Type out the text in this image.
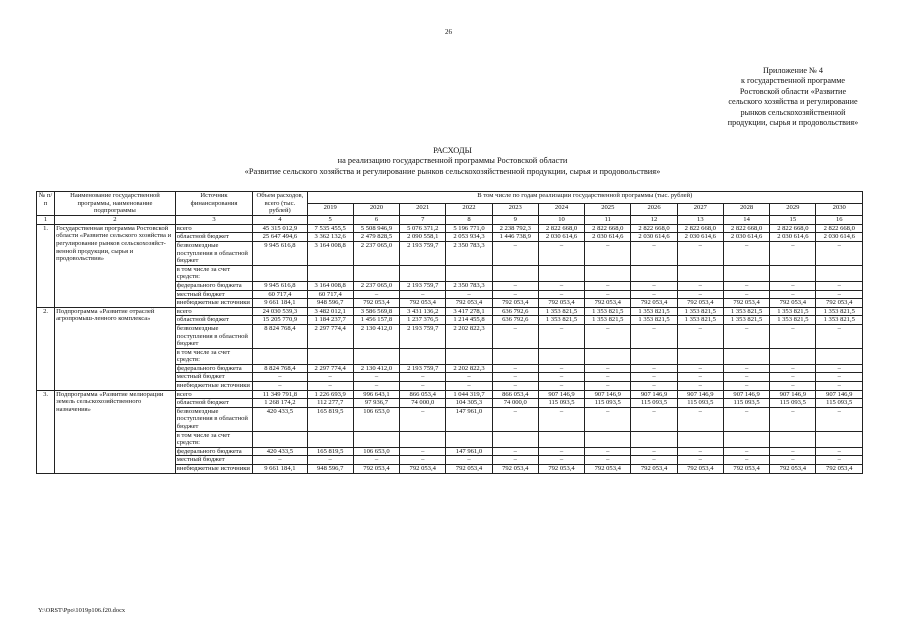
26
Приложение № 4
к государственной программе
Ростовской области «Развитие
сельского хозяйства и регулирование
рынков сельскохозяйственной
продукции, сырья и продовольствия»
РАСХОДЫ
на реализацию государственной программы Ростовской области
«Развитие сельского хозяйства и регулирование рынков сельскохозяйственной продукции, сырья и продовольствия»
№ п/п	Наименование государственной программы, наименование подпрограммы	Источник финансирования	Объем расходов, всего (тыс. рублей)	В том числе по годам реализации государственной программы (тыс. рублей)											
				2019	2020	2021	2022	2023	2024	2025	2026	2027	2028	2029	2030
1	2	3	4	5	6	7	8	9	10	11	12	13	14	15	16
1.	Государственная программа Ростовской области «Развитие сельского хозяйства и регулирование рынков сельскохозяйст-венной продукции, сырья и продовольствия»	всего	45 315 012,9	7 535 455,5	5 508 946,9	5 076 371,2	5 196 771,0	2 238 792,3	2 822 668,0	2 822 668,0	2 822 668,0	2 822 668,0	2 822 668,0	2 822 668,0	2 822 668,0
		областной бюджет	25 647 494,6	3 362 132,6	2 479 828,5	2 090 558,1	2 053 934,3	1 446 738,9	2 030 614,6	2 030 614,6	2 030 614,6	2 030 614,6	2 030 614,6	2 030 614,6	2 030 614,6
		безвозмездные поступления в областной бюджет	9 945 616,8	3 164 008,8	2 237 065,0	2 193 759,7	2 350 783,3	–	–	–	–	–	–	–	–
		в том числе за счет средств:													
		федерального бюджета	9 945 616,8	3 164 008,8	2 237 065,0	2 193 759,7	2 350 783,3	–	–	–	–	–	–	–	–
		местный бюджет	60 717,4	60 717,4	–	–	–	–	–	–	–	–	–	–	–
		внебюджетные источники	9 661 184,1	948 596,7	792 053,4	792 053,4	792 053,4	792 053,4	792 053,4	792 053,4	792 053,4	792 053,4	792 053,4	792 053,4	792 053,4
2.	Подпрограмма «Развитие отраслей агропромыш-ленного комплекса»	всего	24 030 539,3	3 482 012,1	3 586 569,8	3 431 136,2	3 417 278,1	636 792,6	1 353 821,5	1 353 821,5	1 353 821,5	1 353 821,5	1 353 821,5	1 353 821,5	1 353 821,5
		областной бюджет	15 205 770,9	1 184 237,7	1 456 157,8	1 237 376,5	1 214 455,8	636 792,6	1 353 821,5	1 353 821,5	1 353 821,5	1 353 821,5	1 353 821,5	1 353 821,5	1 353 821,5
		безвозмездные поступления в областной бюджет	8 824 768,4	2 297 774,4	2 130 412,0	2 193 759,7	2 202 822,3	–	–	–	–	–	–	–	–
		в том числе за счет средств:													
		федерального бюджета	8 824 768,4	2 297 774,4	2 130 412,0	2 193 759,7	2 202 822,3	–	–	–	–	–	–	–	–
		местный бюджет	–	–	–	–	–	–	–	–	–	–	–	–	–
		внебюджетные источники	–	–	–	–	–	–	–	–	–	–	–	–	–
3.	Подпрограмма «Развитие мелиорации земель сельскохозяйственного назначения»	всего	11 349 791,8	1 226 693,9	996 643,1	866 053,4	1 044 319,7	866 053,4	907 146,9	907 146,9	907 146,9	907 146,9	907 146,9	907 146,9	907 146,9
		областной бюджет	1 268 174,2	112 277,7	97 936,7	74 000,0	104 305,3	74 000,0	115 093,5	115 093,5	115 093,5	115 093,5	115 093,5	115 093,5	115 093,5
		безвозмездные поступления в областной бюджет	420 433,5	165 819,5	106 653,0	–	147 961,0	–	–	–	–	–	–	–	–
		в том числе за счет средств:													
		федерального бюджета	420 433,5	165 819,5	106 653,0	–	147 961,0	–	–	–	–	–	–	–	–
		местный бюджет	–	–	–	–	–	–	–	–	–	–	–	–	–
		внебюджетные источники	9 661 184,1	948 596,7	792 053,4	792 053,4	792 053,4	792 053,4	792 053,4	792 053,4	792 053,4	792 053,4	792 053,4	792 053,4	792 053,4
Y:\ORST\Ppo\1019p106.f20.docx
